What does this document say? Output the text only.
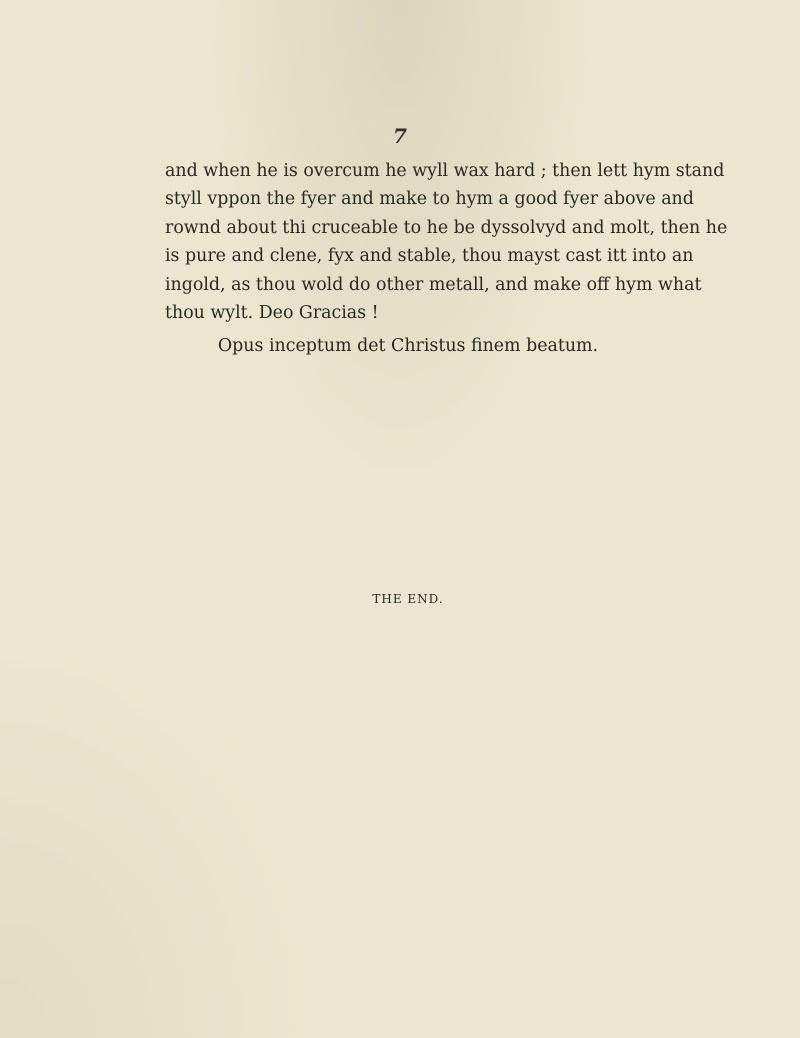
7
and when he is overcum he wyll wax hard ; then lett hym stand
styll vppon the fyer and make to hym a good fyer above and
rownd about thi cruceable to he be dyssolvyd and molt, then he
is pure and clene, fyx and stable, thou mayst cast itt into an
ingold, as thou wold do other metall, and make off hym what
thou wylt. Deo Gracias !
Opus inceptum det Christus finem beatum.
THE END.
